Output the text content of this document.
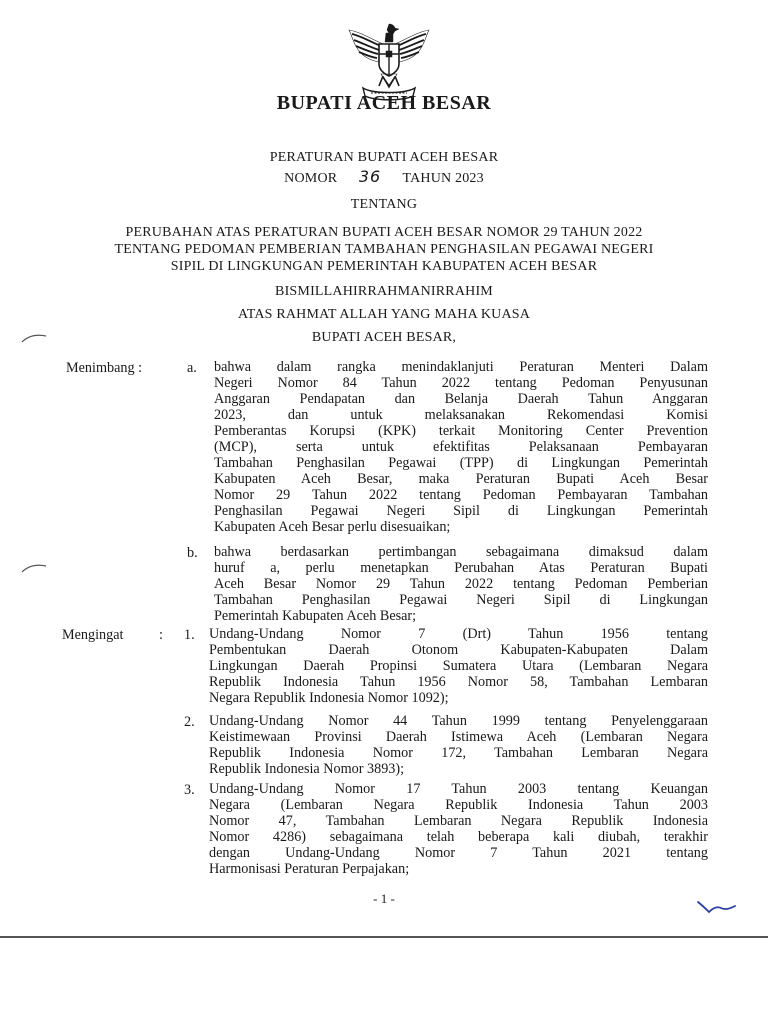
BUPATI ACEH BESAR
PERATURAN BUPATI ACEH BESAR
NOMOR 36 TAHUN 2023
TENTANG
PERUBAHAN ATAS PERATURAN BUPATI ACEH BESAR NOMOR 29 TAHUN 2022
TENTANG PEDOMAN PEMBERIAN TAMBAHAN PENGHASILAN PEGAWAI NEGERI
SIPIL DI LINGKUNGAN PEMERINTAH KABUPATEN ACEH BESAR
BISMILLAHIRRAHMANIRRAHIM
ATAS RAHMAT ALLAH YANG MAHA KUASA
BUPATI ACEH BESAR,
Menimbang :	a. bahwa dalam rangka menindaklanjuti Peraturan Menteri Dalam
Negeri Nomor 84 Tahun 2022 tentang Pedoman Penyusunan
Anggaran Pendapatan dan Belanja Daerah Tahun Anggaran
2023, dan untuk melaksanakan Rekomendasi Komisi
Pemberantas Korupsi (KPK) terkait Monitoring Center Prevention
(MCP), serta untuk efektifitas Pelaksanaan Pembayaran
Tambahan Penghasilan Pegawai (TPP) di Lingkungan Pemerintah
Kabupaten Aceh Besar, maka Peraturan Bupati Aceh Besar
Nomor 29 Tahun 2022 tentang Pedoman Pembayaran Tambahan
Penghasilan Pegawai Negeri Sipil di Lingkungan Pemerintah
Kabupaten Aceh Besar perlu disesuaikan;
b. bahwa berdasarkan pertimbangan sebagaimana dimaksud dalam
huruf a, perlu menetapkan Perubahan Atas Peraturan Bupati
Aceh Besar Nomor 29 Tahun 2022 tentang Pedoman Pemberian
Tambahan Penghasilan Pegawai Negeri Sipil di Lingkungan
Pemerintah Kabupaten Aceh Besar;
Mengingat	: 1. Undang-Undang Nomor 7 (Drt) Tahun 1956 tentang
Pembentukan Daerah Otonom Kabupaten-Kabupaten Dalam
Lingkungan Daerah Propinsi Sumatera Utara (Lembaran Negara
Republik Indonesia Tahun 1956 Nomor 58, Tambahan Lembaran
Negara Republik Indonesia Nomor 1092);
2. Undang-Undang Nomor 44 Tahun 1999 tentang Penyelenggaraan
Keistimewaan Provinsi Daerah Istimewa Aceh (Lembaran Negara
Republik Indonesia Nomor 172, Tambahan Lembaran Negara
Republik Indonesia Nomor 3893);
3. Undang-Undang Nomor 17 Tahun 2003 tentang Keuangan
Negara (Lembaran Negara Republik Indonesia Tahun 2003
Nomor 47, Tambahan Lembaran Negara Republik Indonesia
Nomor 4286) sebagaimana telah beberapa kali diubah, terakhir
dengan Undang-Undang Nomor 7 Tahun 2021 tentang
Harmonisasi Peraturan Perpajakan;
- 1 -
